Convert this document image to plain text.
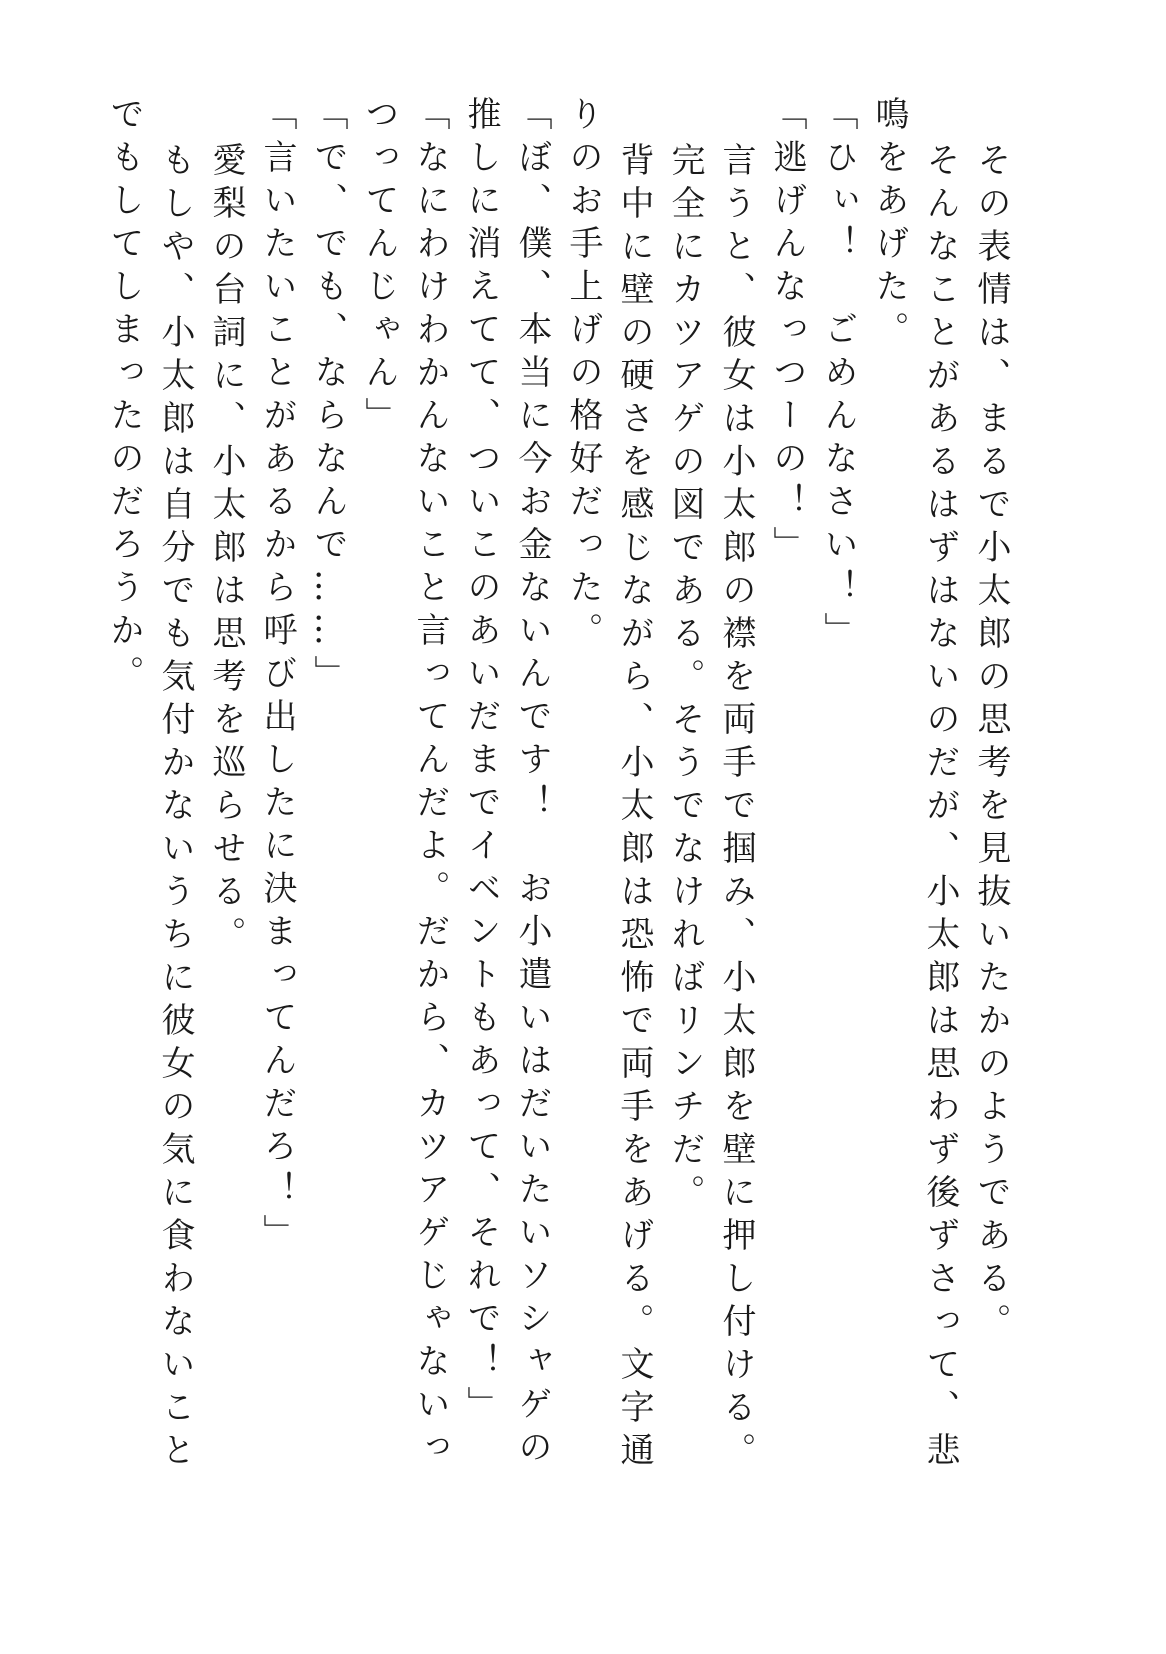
その表情は、まるで小太郎の思考を見抜いたかのようである。
そんなことがあるはずはないのだが、小太郎は思わず後ずさって、悲
鳴をあげた。
「ひぃ！　ごめんなさい！」
「逃げんなっつーの！」
言うと、彼女は小太郎の襟を両手で掴み、小太郎を壁に押し付ける。
完全にカツアゲの図である。そうでなければリンチだ。
背中に壁の硬さを感じながら、小太郎は恐怖で両手をあげる。文字通
りのお手上げの格好だった。
「ぼ、僕、本当に今お金ないんです！　お小遣いはだいたいソシャゲの
推しに消えてて、ついこのあいだまでイベントもあって、それで！」
「なにわけわかんないこと言ってんだよ。だから、カツアゲじゃないっ
つってんじゃん」
「で、でも、ならなんで……」
「言いたいことがあるから呼び出したに決まってんだろ！」
愛梨の台詞に、小太郎は思考を巡らせる。
もしや、小太郎は自分でも気付かないうちに彼女の気に食わないこと
でもしてしまったのだろうか。
